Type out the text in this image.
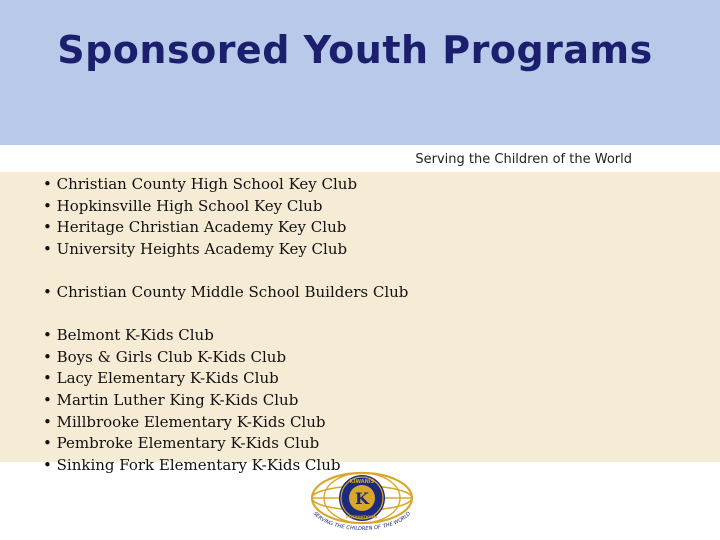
Sponsored Youth Programs
Serving the Children of the World
• Christian County High School Key Club
• Hopkinsville High School Key Club
• Heritage Christian Academy Key Club
• University Heights Academy Key Club
• Christian County Middle School Builders Club
• Belmont K-Kids Club
• Boys & Girls Club K-Kids Club
• Lacy Elementary K-Kids Club
• Martin Luther King K-Kids Club
• Millbrooke Elementary K-Kids Club
• Pembroke Elementary K-Kids Club
• Sinking Fork Elementary K-Kids Club
K
KIWANIS
INTERNATIONAL
SERVING THE CHILDREN OF THE WORLD
